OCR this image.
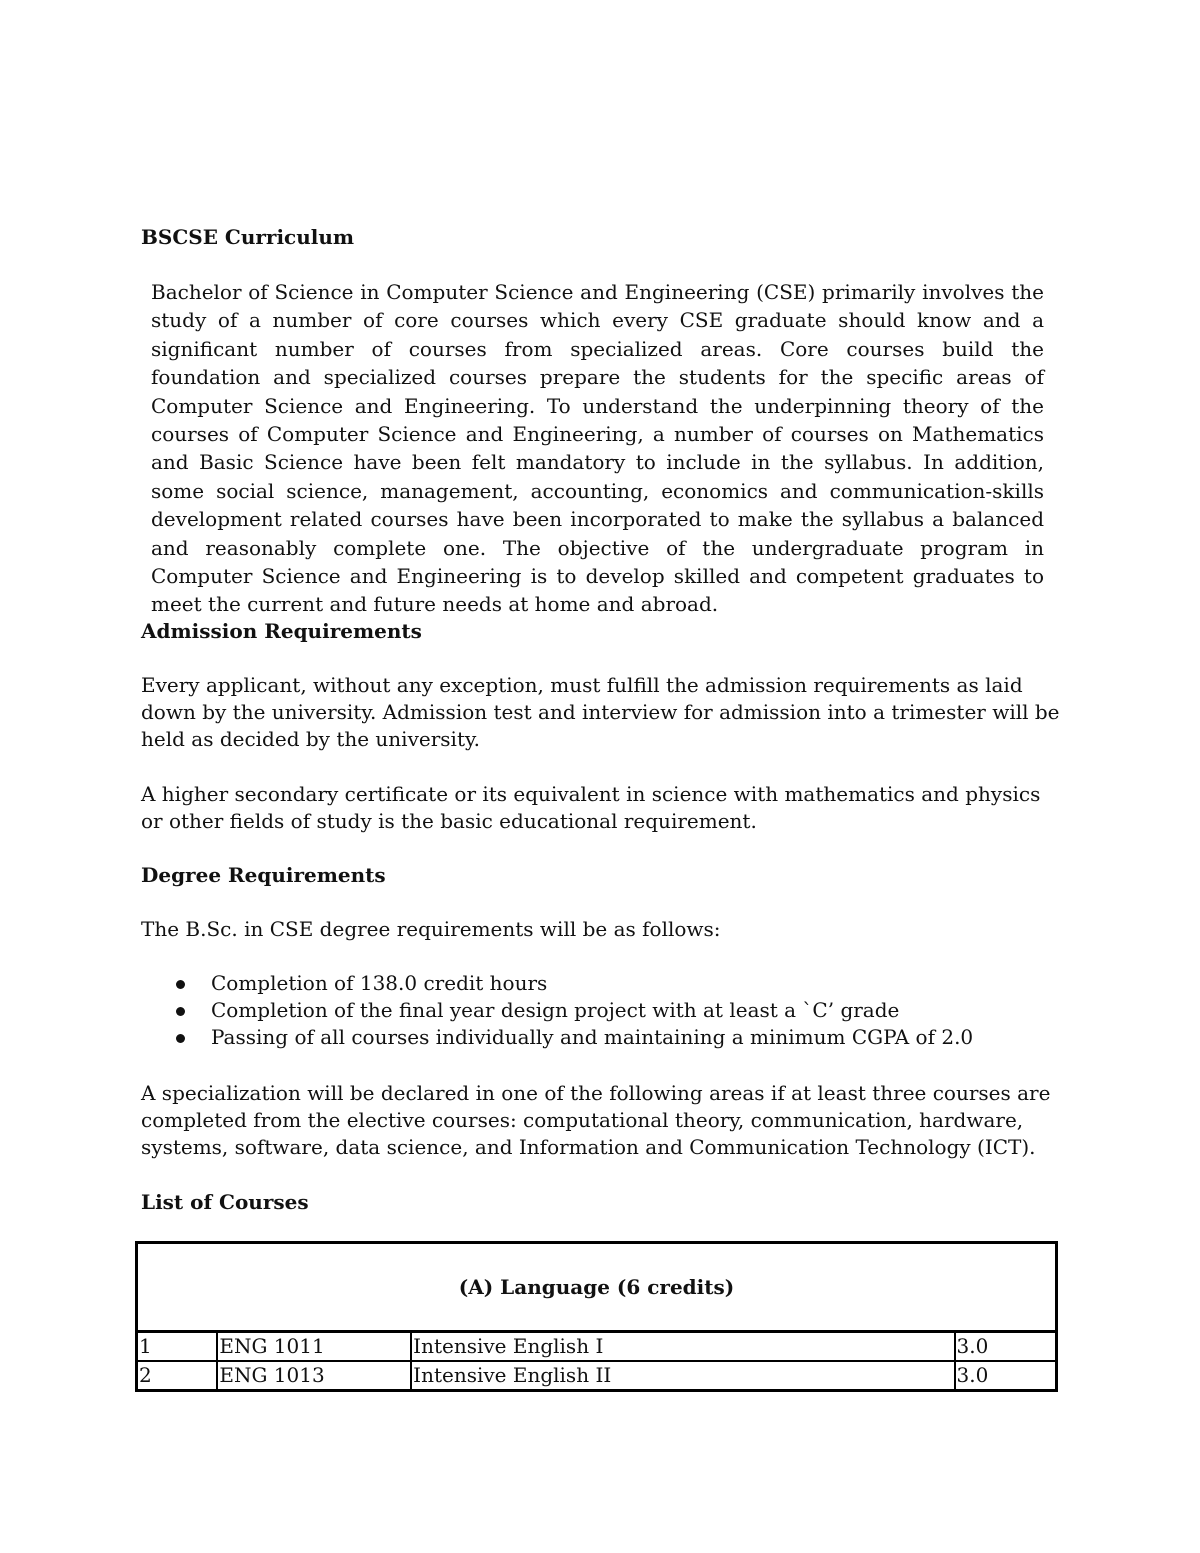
BSCSE Curriculum

Bachelor of Science in Computer Science and Engineering (CSE) primarily involves the study of a number of core courses which every CSE graduate should know and a significant number of courses from specialized areas. Core courses build the foundation and specialized courses prepare the students for the specific areas of Computer Science and Engineering. To understand the underpinning theory of the courses of Computer Science and Engineering, a number of courses on Mathematics and Basic Science have been felt mandatory to include in the syllabus. In addition, some social science, management, accounting, economics and communication-skills development related courses have been incorporated to make the syllabus a balanced and reasonably complete one. The objective of the undergraduate program in Computer Science and Engineering is to develop skilled and competent graduates to meet the current and future needs at home and abroad.

Admission Requirements

Every applicant, without any exception, must fulfill the admission requirements as laid down by the university. Admission test and interview for admission into a trimester will be held as decided by the university.

A higher secondary certificate or its equivalent in science with mathematics and physics or other fields of study is the basic educational requirement.

Degree Requirements

The B.Sc. in CSE degree requirements will be as follows:

Completion of 138.0 credit hours
Completion of the final year design project with at least a `C’ grade
Passing of all courses individually and maintaining a minimum CGPA of 2.0

A specialization will be declared in one of the following areas if at least three courses are completed from the elective courses: computational theory, communication, hardware, systems, software, data science, and Information and Communication Technology (ICT).

List of Courses
(A) Language (6 credits)			
1	ENG 1011	Intensive English I	3.0
2	ENG 1013	Intensive English II	3.0
